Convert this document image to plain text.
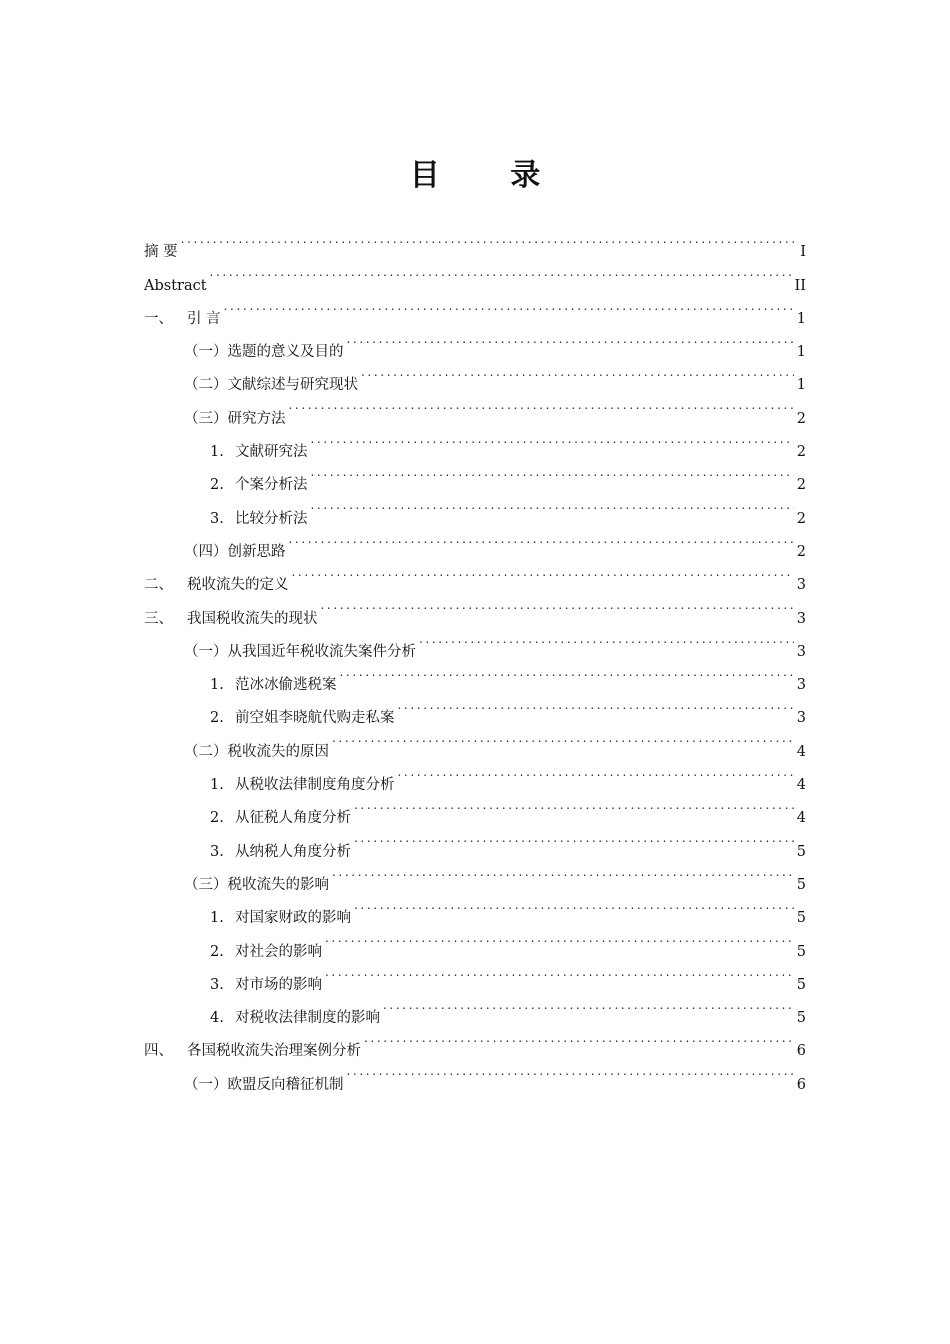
目 录
摘 要 . . .	I
Abstract . . .	II
一、 引 言 . . .	1
（一）选题的意义及目的 . . .	1
（二）文献综述与研究现状 . . .	1
（三）研究方法 . . .	2
1. 文献研究法 . . .	2
2. 个案分析法 . . .	2
3. 比较分析法 . . .	2
（四）创新思路 . . .	2
二、 税收流失的定义 . . .	3
三、 我国税收流失的现状 . . .	3
（一）从我国近年税收流失案件分析 . . .	3
1. 范冰冰偷逃税案 . . .	3
2. 前空姐李晓航代购走私案 . . .	3
（二）税收流失的原因 . . .	4
1. 从税收法律制度角度分析 . . .	4
2. 从征税人角度分析 . . .	4
3. 从纳税人角度分析 . . .	5
（三）税收流失的影响 . . .	5
1. 对国家财政的影响 . . .	5
2. 对社会的影响 . . .	5
3. 对市场的影响 . . .	5
4. 对税收法律制度的影响 . . .	5
四、 各国税收流失治理案例分析 . . .	6
（一）欧盟反向稽征机制 . . .	6
